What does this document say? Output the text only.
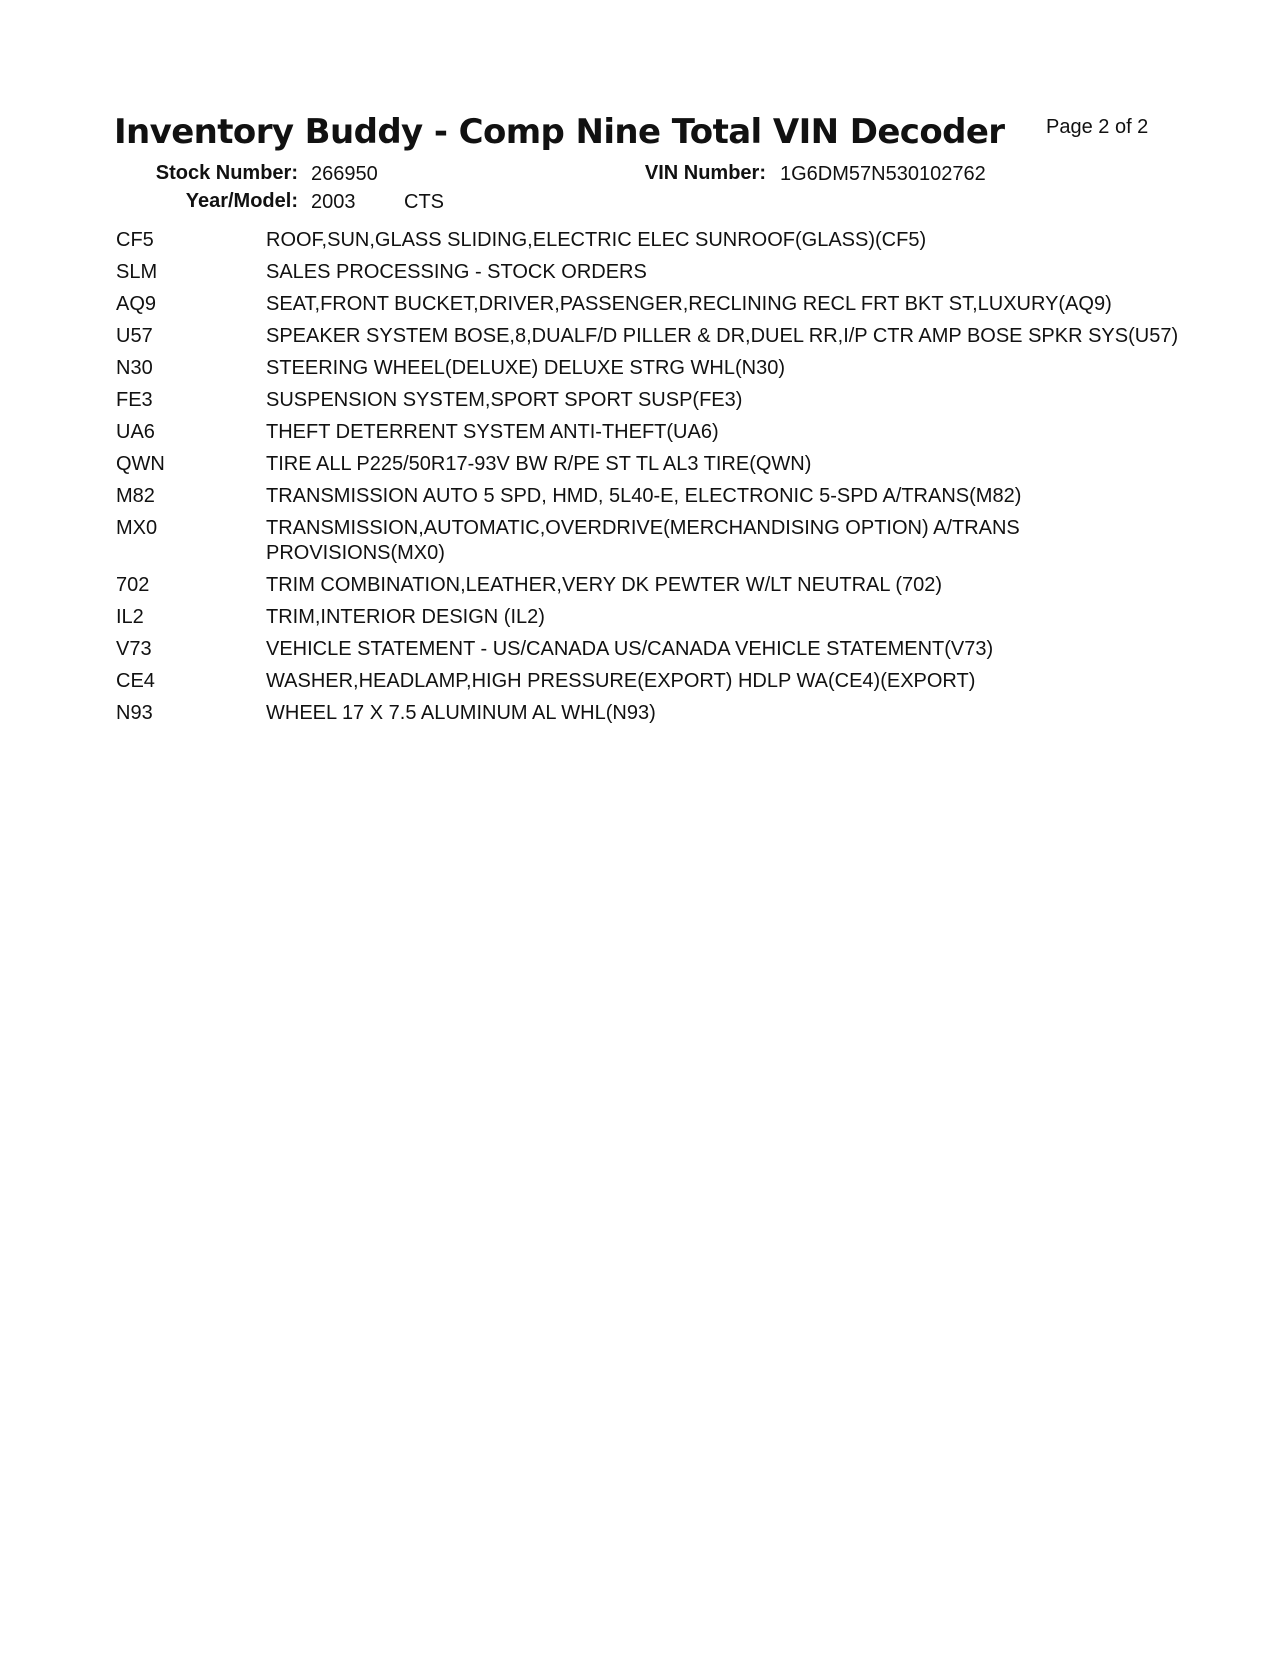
Inventory Buddy - Comp Nine Total VIN Decoder Page 2 of 2
Stock Number: 266950	VIN Number: 1G6DM57N530102762
Year/Model: 2003 CTS
CF5	ROOF,SUN,GLASS SLIDING,ELECTRIC ELEC SUNROOF(GLASS)(CF5)
SLM	SALES PROCESSING - STOCK ORDERS
AQ9	SEAT,FRONT BUCKET,DRIVER,PASSENGER,RECLINING RECL FRT BKT ST,LUXURY(AQ9)
U57	SPEAKER SYSTEM BOSE,8,DUALF/D PILLER & DR,DUEL RR,I/P CTR AMP BOSE SPKR SYS(U57)
N30	STEERING WHEEL(DELUXE) DELUXE STRG WHL(N30)
FE3	SUSPENSION SYSTEM,SPORT SPORT SUSP(FE3)
UA6	THEFT DETERRENT SYSTEM ANTI-THEFT(UA6)
QWN	TIRE ALL P225/50R17-93V BW R/PE ST TL AL3 TIRE(QWN)
M82	TRANSMISSION AUTO 5 SPD, HMD, 5L40-E, ELECTRONIC 5-SPD A/TRANS(M82)
MX0	TRANSMISSION,AUTOMATIC,OVERDRIVE(MERCHANDISING OPTION) A/TRANS PROVISIONS(MX0)
702	TRIM COMBINATION,LEATHER,VERY DK PEWTER W/LT NEUTRAL (702)
IL2	TRIM,INTERIOR DESIGN (IL2)
V73	VEHICLE STATEMENT - US/CANADA US/CANADA VEHICLE STATEMENT(V73)
CE4	WASHER,HEADLAMP,HIGH PRESSURE(EXPORT) HDLP WA(CE4)(EXPORT)
N93	WHEEL 17 X 7.5 ALUMINUM AL WHL(N93)
